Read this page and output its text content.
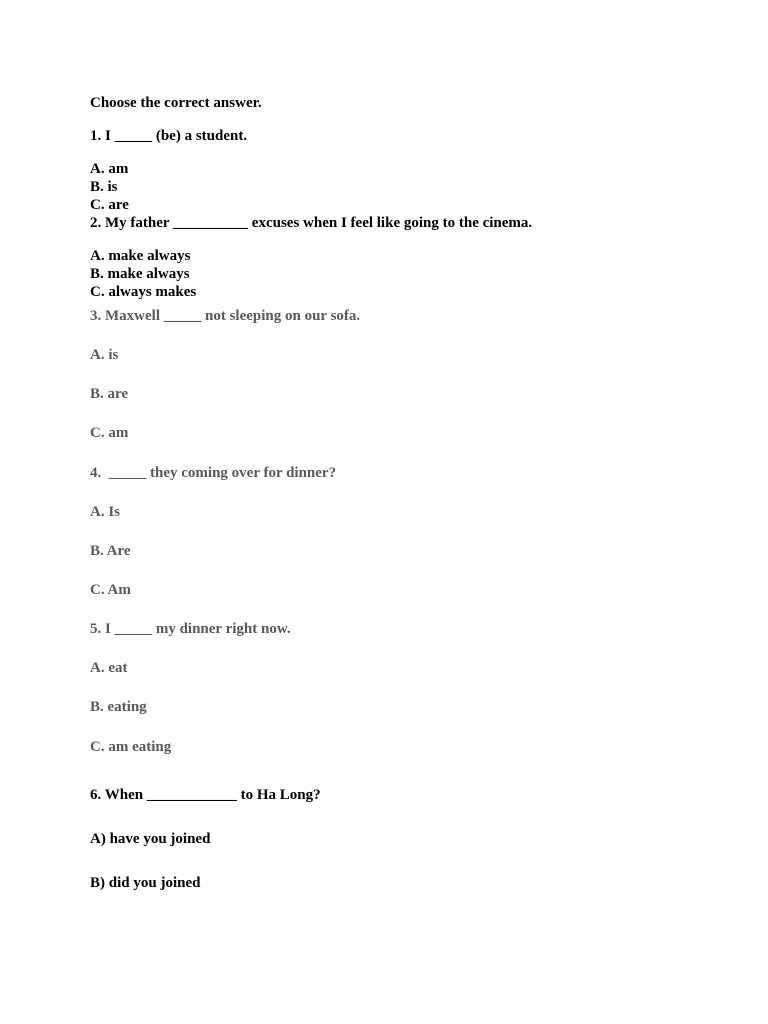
Choose the correct answer.
1. I _____ (be) a student.
A. am
B. is
C. are
2. My father __________ excuses when I feel like going to the cinema.
A. make always
B. make always
C. always makes
3. Maxwell _____ not sleeping on our sofa.
A. is
B. are
C. am
4.  _____ they coming over for dinner?
A. Is
B. Are
C. Am
5. I _____ my dinner right now.
A. eat
B. eating
C. am eating
6. When ____________ to Ha Long?
A) have you joined
B) did you joined
